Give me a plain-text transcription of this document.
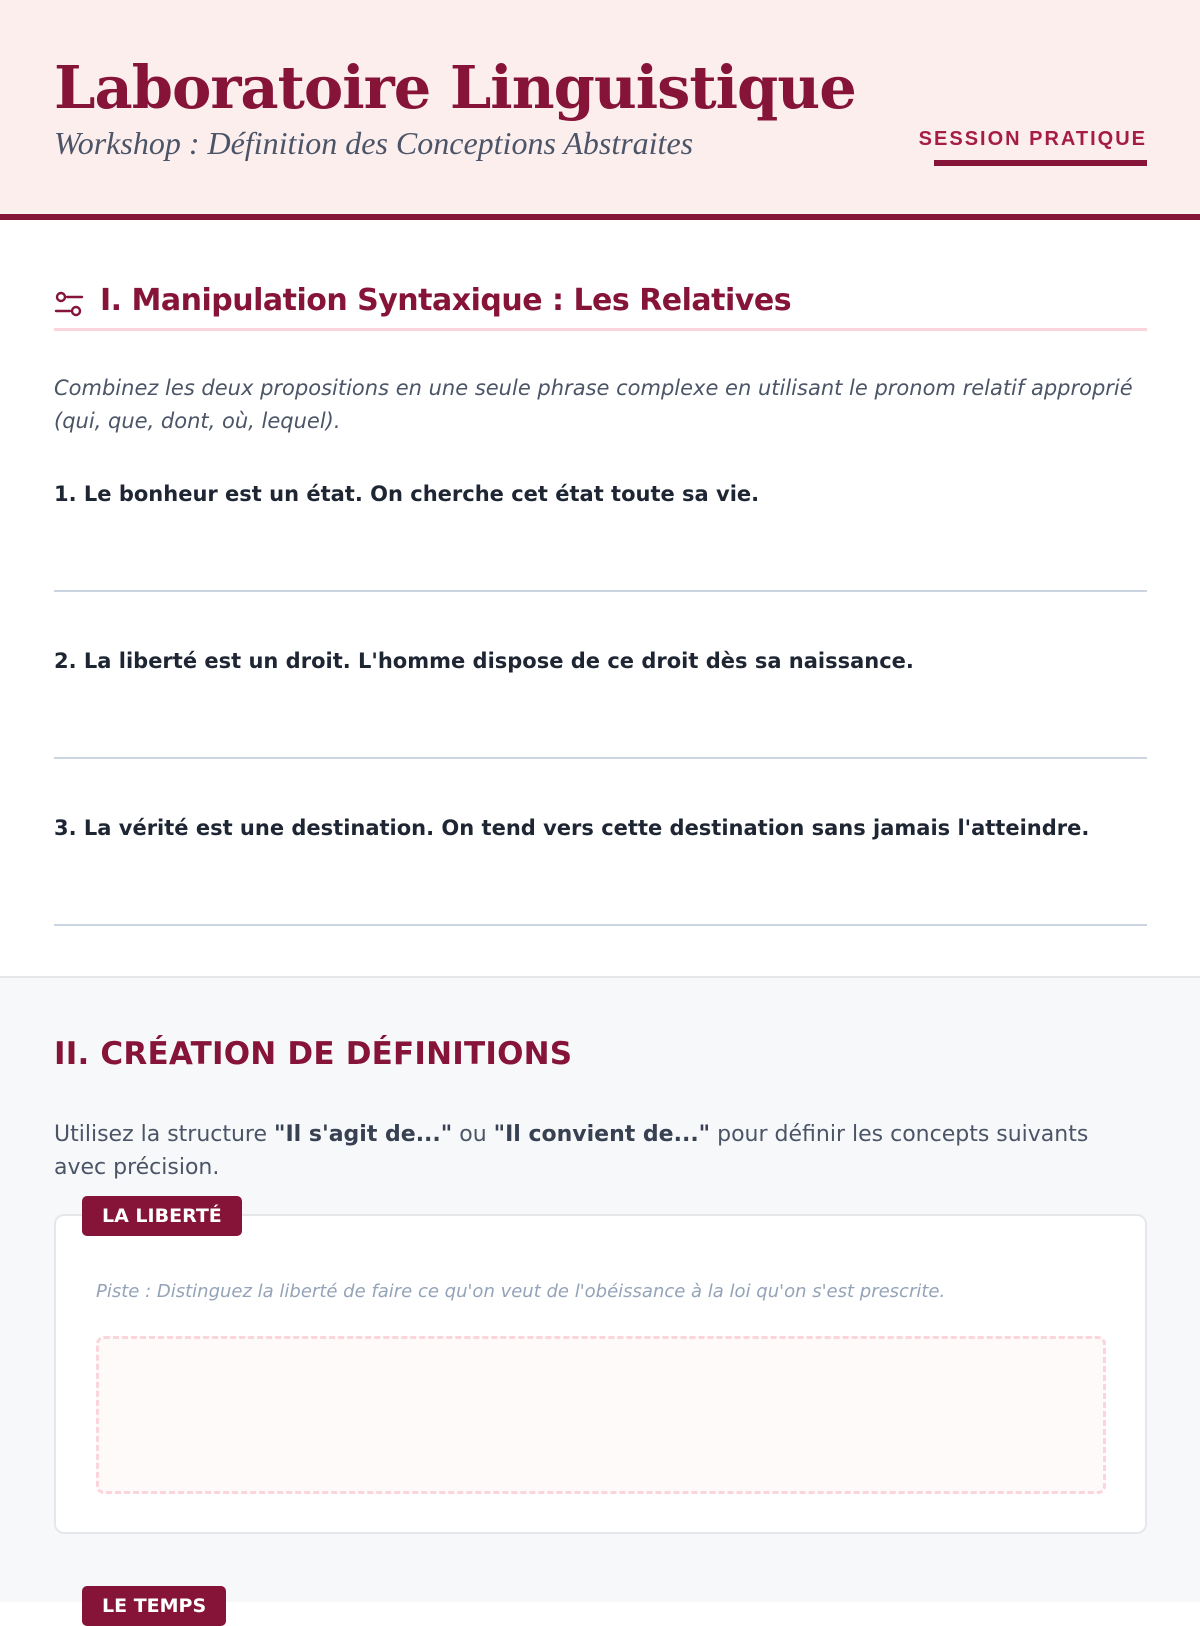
Laboratoire Linguistique
Workshop : Définition des Conceptions Abstraites	SESSION PRATIQUE
I. Manipulation Syntaxique : Les Relatives
Combinez les deux propositions en une seule phrase complexe en utilisant le pronom relatif approprié (qui, que, dont, où, lequel).
1. Le bonheur est un état. On cherche cet état toute sa vie.
2. La liberté est un droit. L'homme dispose de ce droit dès sa naissance.
3. La vérité est une destination. On tend vers cette destination sans jamais l'atteindre.
II. CRÉATION DE DÉFINITIONS
Utilisez la structure "Il s'agit de..." ou "Il convient de..." pour définir les concepts suivants avec précision.
Piste : Distinguez la liberté de faire ce qu'on veut de l'obéissance à la loi qu'on s'est prescrite.
LA LIBERTÉ
LE TEMPS
